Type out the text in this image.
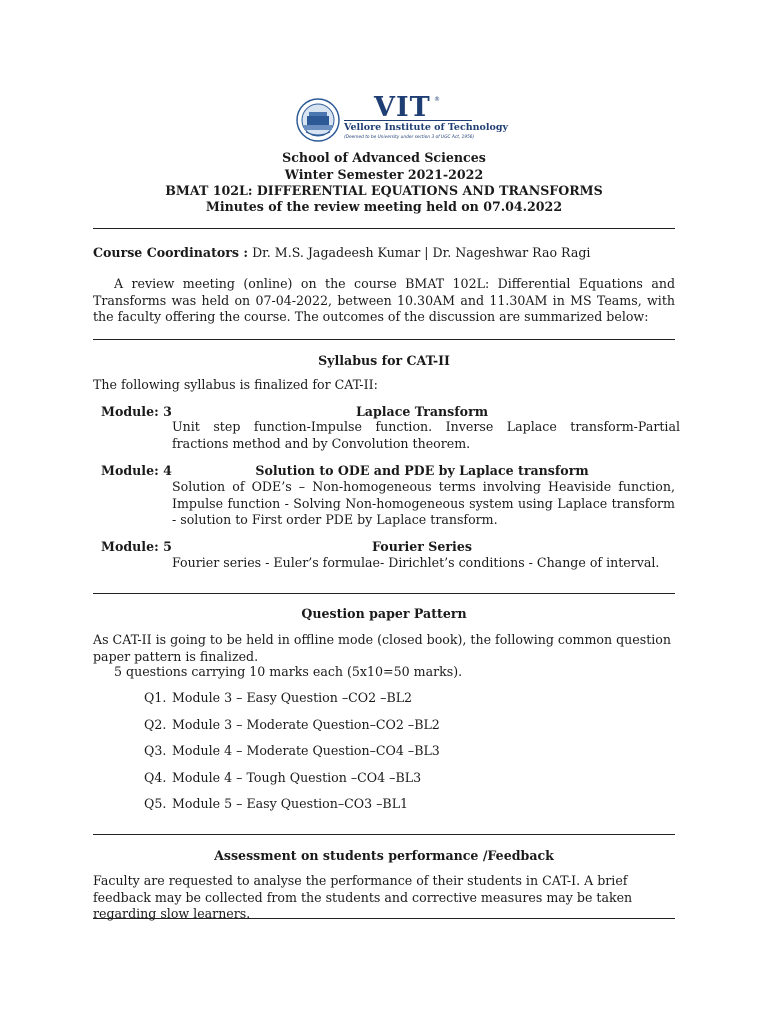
VIT ®
Vellore Institute of Technology
(Deemed to be University under section 3 of UGC Act, 1956)
School of Advanced Sciences
Winter Semester 2021-2022
BMAT 102L: DIFFERENTIAL EQUATIONS AND TRANSFORMS
Minutes of the review meeting held on 07.04.2022
Course Coordinators : Dr. M.S. Jagadeesh Kumar | Dr. Nageshwar Rao Ragi
A review meeting (online) on the course BMAT 102L: Differential Equations and Transforms was held on 07-04-2022, between 10.30AM and 11.30AM in MS Teams, with the faculty offering the course. The outcomes of the discussion are summarized below:
Syllabus for CAT-II
The following syllabus is finalized for CAT-II:
Module: 3	Laplace Transform
Unit step function-Impulse function. Inverse Laplace transform-Partial fractions method and by Convolution theorem.
Module: 4	Solution to ODE and PDE by Laplace transform
Solution of ODE’s – Non-homogeneous terms involving Heaviside function, Impulse function - Solving Non-homogeneous system using Laplace transform - solution to First order PDE by Laplace transform.
Module: 5	Fourier Series
Fourier series - Euler’s formulae- Dirichlet’s conditions - Change of interval.
Question paper Pattern
As CAT-II is going to be held in offline mode (closed book), the following common question paper pattern is finalized.
5 questions carrying 10 marks each (5x10=50 marks).
Q1. Module 3 – Easy Question –CO2 –BL2
Q2. Module 3 – Moderate Question–CO2 –BL2
Q3. Module 4 – Moderate Question–CO4 –BL3
Q4. Module 4 – Tough Question –CO4 –BL3
Q5. Module 5 – Easy Question–CO3 –BL1
Assessment on students performance /Feedback
Faculty are requested to analyse the performance of their students in CAT-I. A brief feedback may be collected from the students and corrective measures may be taken regarding slow learners.
